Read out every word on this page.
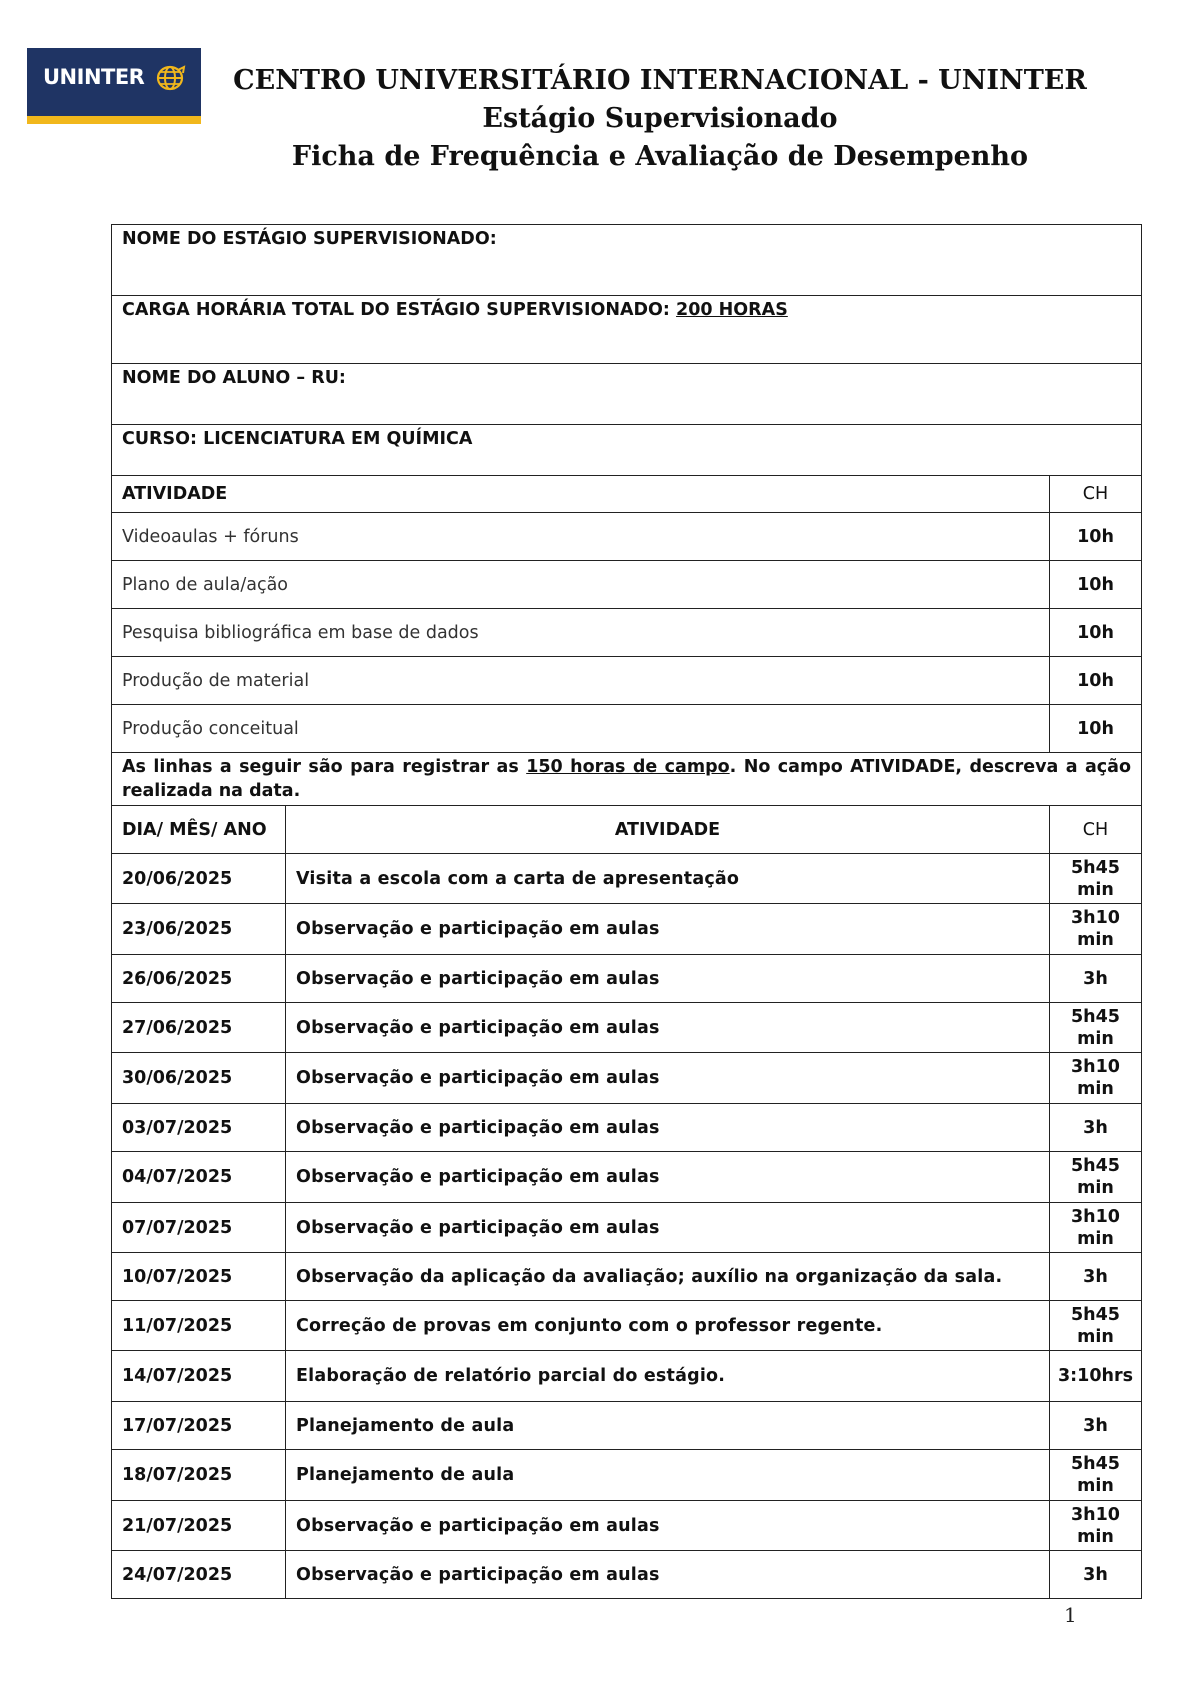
UNINTER	CENTRO UNIVERSITÁRIO INTERNACIONAL - UNINTER
Estágio Supervisionado
Ficha de Frequência e Avaliação de Desempenho
NOME DO ESTÁGIO SUPERVISIONADO:		
CARGA HORÁRIA TOTAL DO ESTÁGIO SUPERVISIONADO: 200 HORAS		
NOME DO ALUNO – RU:		
CURSO: LICENCIATURA EM QUÍMICA		
ATIVIDADE		CH
Videoaulas + fóruns		10h
Plano de aula/ação		10h
Pesquisa bibliográfica em base de dados		10h
Produção de material		10h
Produção conceitual		10h
As linhas a seguir são para registrar as 150 horas de campo. No campo ATIVIDADE, descreva a ação realizada na data.		
DIA/ MÊS/ ANO	ATIVIDADE	CH
20/06/2025	Visita a escola com a carta de apresentação	5h45 min
23/06/2025	Observação e participação em aulas	3h10 min
26/06/2025	Observação e participação em aulas	3h
27/06/2025	Observação e participação em aulas	5h45 min
30/06/2025	Observação e participação em aulas	3h10 min
03/07/2025	Observação e participação em aulas	3h
04/07/2025	Observação e participação em aulas	5h45 min
07/07/2025	Observação e participação em aulas	3h10 min
10/07/2025	Observação da aplicação da avaliação; auxílio na organização da sala.	3h
11/07/2025	Correção de provas em conjunto com o professor regente.	5h45 min
14/07/2025	Elaboração de relatório parcial do estágio.	3:10hrs
17/07/2025	Planejamento de aula	3h
18/07/2025	Planejamento de aula	5h45 min
21/07/2025	Observação e participação em aulas	3h10 min
24/07/2025	Observação e participação em aulas	3h
1
